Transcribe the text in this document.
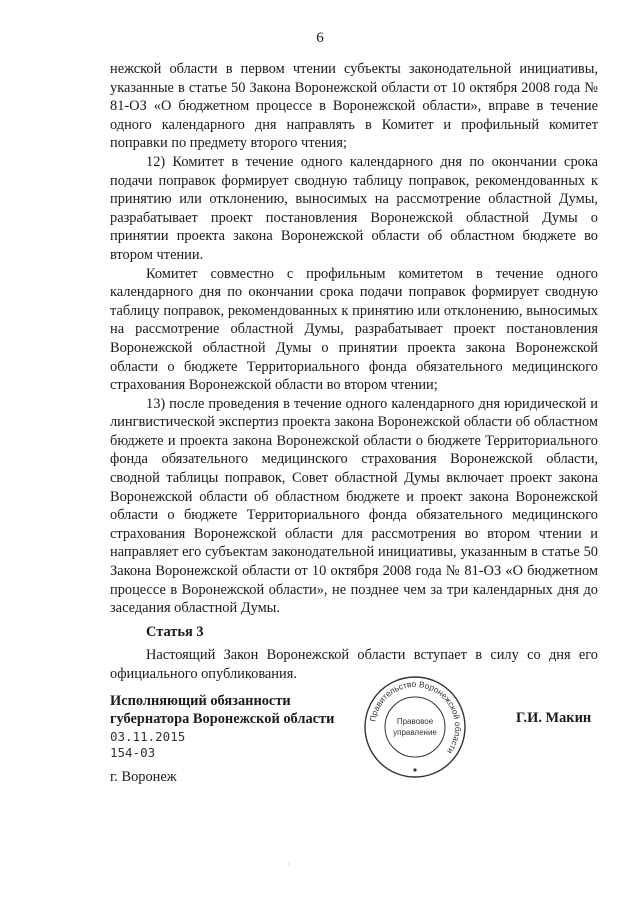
6

нежской области в первом чтении субъекты законодательной инициативы, указанные в статье 50 Закона Воронежской области от 10 октября 2008 года № 81-ОЗ «О бюджетном процессе в Воронежской области», вправе в течение одного календарного дня направлять в Комитет и профильный комитет поправки по предмету второго чтения;

12) Комитет в течение одного календарного дня по окончании срока подачи поправок формирует сводную таблицу поправок, рекомендованных к принятию или отклонению, выносимых на рассмотрение областной Думы, разрабатывает проект постановления Воронежской областной Думы о принятии проекта закона Воронежской области об областном бюджете во втором чтении.

Комитет совместно с профильным комитетом в течение одного календарного дня по окончании срока подачи поправок формирует сводную таблицу поправок, рекомендованных к принятию или отклонению, выносимых на рассмотрение областной Думы, разрабатывает проект постановления Воронежской областной Думы о принятии проекта закона Воронежской области о бюджете Территориального фонда обязательного медицинского страхования Воронежской области во втором чтении;

13) после проведения в течение одного календарного дня юридической и лингвистической экспертиз проекта закона Воронежской области об областном бюджете и проекта закона Воронежской области о бюджете Территориального фонда обязательного медицинского страхования Воронежской области, сводной таблицы поправок, Совет областной Думы включает проект закона Воронежской области об областном бюджете и проект закона Воронежской области о бюджете Территориального фонда обязательного медицинского страхования Воронежской области для рассмотрения во втором чтении и направляет его субъектам законодательной инициативы, указанным в статье 50 Закона Воронежской области от 10 октября 2008 года № 81-ОЗ «О бюджетном процессе в Воронежской области», не позднее чем за три календарных дня до заседания областной Думы.

Статья 3

Настоящий Закон Воронежской области вступает в силу со дня его официального опубликования.

Исполняющий обязанности
губернатора Воронежской области
03.11.2015
154-03
г. Воронеж
Правительство Воронежской области
Правовое
управление
Г.И. Макин
·
